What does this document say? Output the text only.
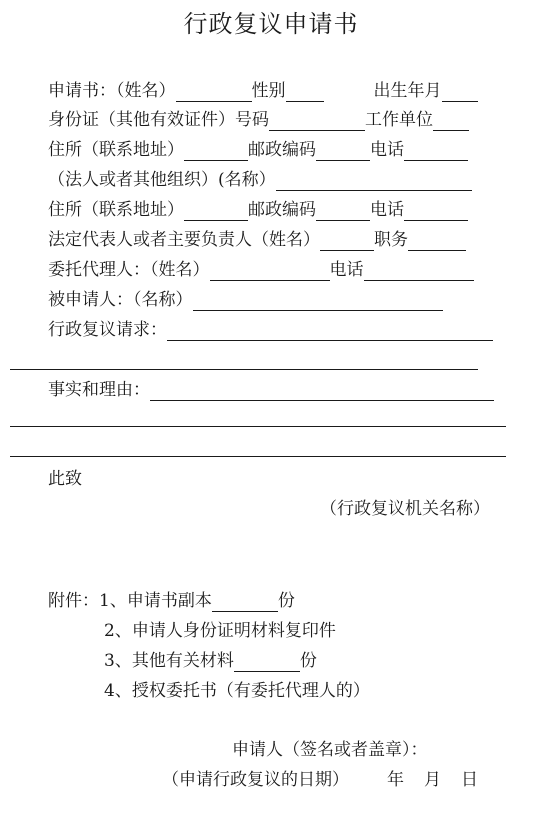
行政复议申请书
申请书：（姓名）	性别	出生年月
身份证（其他有效证件）号码	工作单位
住所（联系地址）	邮政编码	电话
（法人或者其他组织）(名称）
住所（联系地址）	邮政编码	电话
法定代表人或者主要负责人（姓名）	职务
委托代理人：（姓名）	电话
被申请人：（名称）
行政复议请求：
事实和理由：
此致
（行政复议机关名称）
附件： 1、申请书副本	份
2、申请人身份证明材料复印件
3、其他有关材料	份
4、授权委托书（有委托代理人的）
申请人（签名或者盖章）：
（申请行政复议的日期） 年 月 日
